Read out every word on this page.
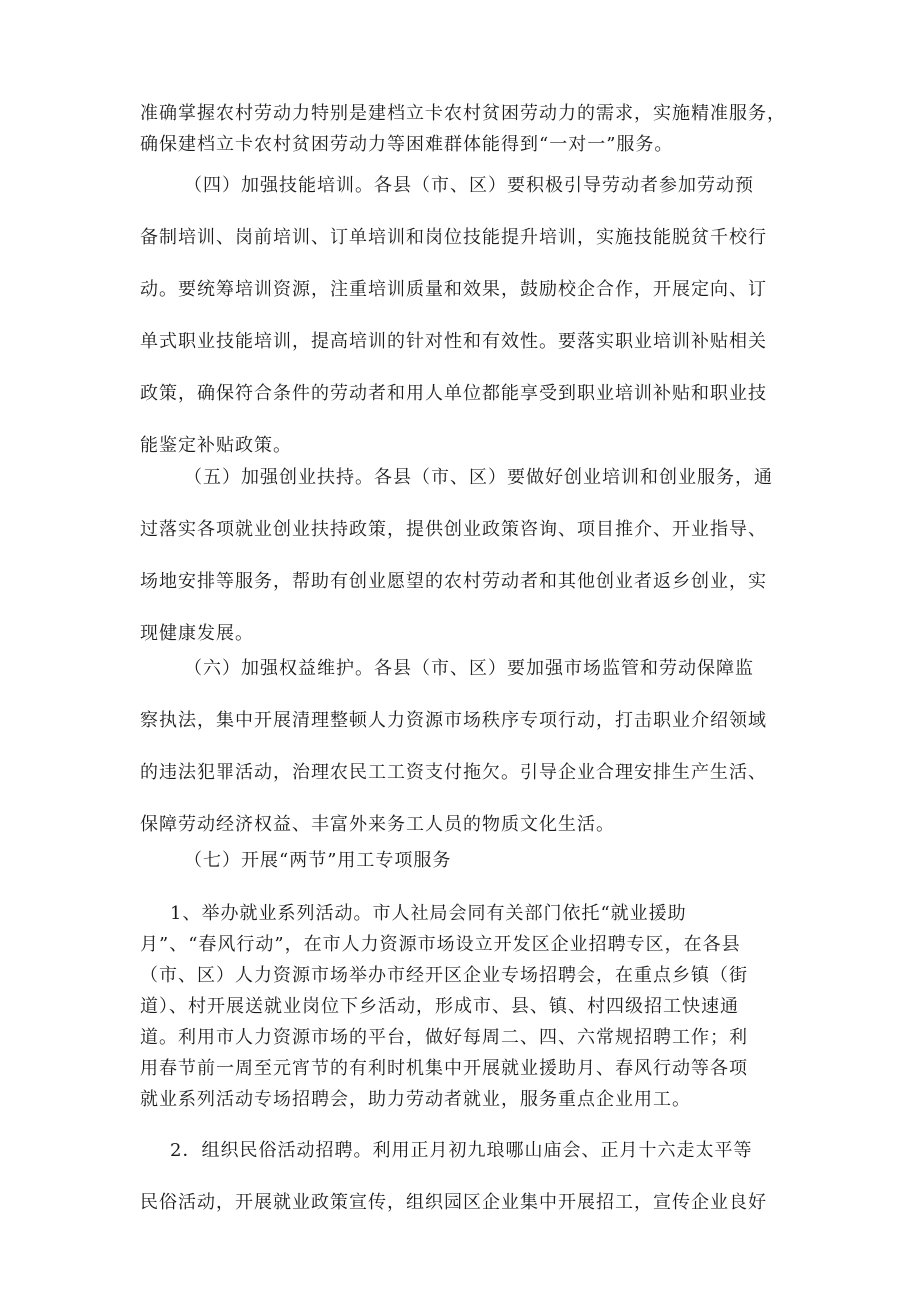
准确掌握农村劳动力特别是建档立卡农村贫困劳动力的需求，实施精准服务，
确保建档立卡农村贫困劳动力等困难群体能得到“一对一”服务。
（四）加强技能培训。各县（市、区）要积极引导劳动者参加劳动预
备制培训、岗前培训、订单培训和岗位技能提升培训，实施技能脱贫千校行
动。要统筹培训资源，注重培训质量和效果，鼓励校企合作，开展定向、订
单式职业技能培训，提高培训的针对性和有效性。要落实职业培训补贴相关
政策，确保符合条件的劳动者和用人单位都能享受到职业培训补贴和职业技
能鉴定补贴政策。
（五）加强创业扶持。各县（市、区）要做好创业培训和创业服务，通
过落实各项就业创业扶持政策，提供创业政策咨询、项目推介、开业指导、
场地安排等服务，帮助有创业愿望的农村劳动者和其他创业者返乡创业，实
现健康发展。
（六）加强权益维护。各县（市、区）要加强市场监管和劳动保障监
察执法，集中开展清理整顿人力资源市场秩序专项行动，打击职业介绍领域
的违法犯罪活动，治理农民工工资支付拖欠。引导企业合理安排生产生活、
保障劳动经济权益、丰富外来务工人员的物质文化生活。
（七）开展“两节”用工专项服务
1、举办就业系列活动。市人社局会同有关部门依托“就业援助
月”、“春风行动”，在市人力资源市场设立开发区企业招聘专区，在各县
（市、区）人力资源市场举办市经开区企业专场招聘会，在重点乡镇（街
道）、村开展送就业岗位下乡活动，形成市、县、镇、村四级招工快速通
道。利用市人力资源市场的平台，做好每周二、四、六常规招聘工作；利
用春节前一周至元宵节的有利时机集中开展就业援助月、春风行动等各项
就业系列活动专场招聘会，助力劳动者就业，服务重点企业用工。
2．组织民俗活动招聘。利用正月初九琅哪山庙会、正月十六走太平等
民俗活动，开展就业政策宣传，组织园区企业集中开展招工，宣传企业良好
